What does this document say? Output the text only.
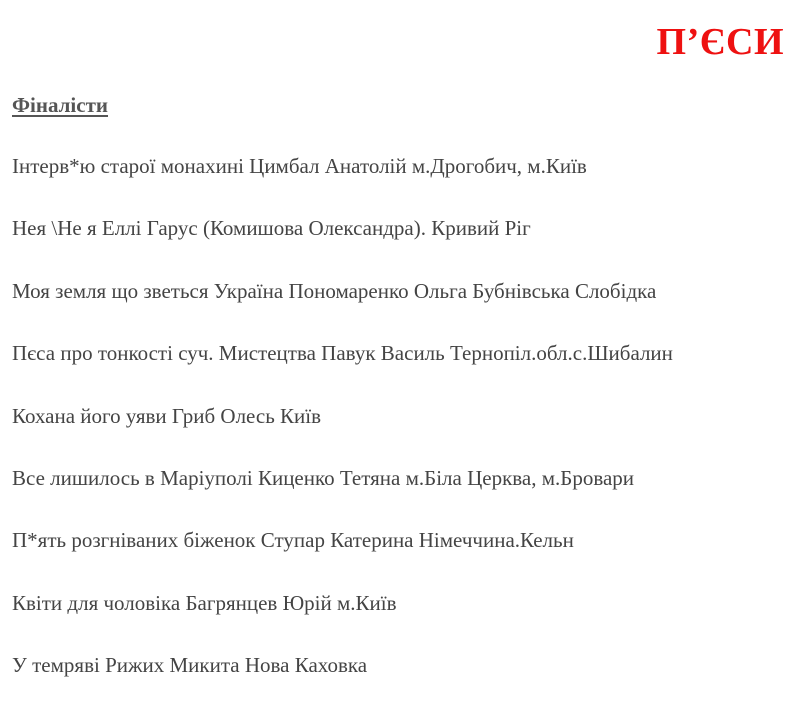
П’ЄСИ
Фіналісти
Інтерв*ю старої монахині Цимбал Анатолій м.Дрогобич, м.Київ
Нея \Не я Еллі Гарус (Комишова Олександра). Кривий Ріг
Моя земля що зветься Україна Пономаренко Ольга Бубнівська Слобідка
Пєса про тонкості суч. Мистецтва Павук Василь Тернопіл.обл.с.Шибалин
Кохана його уяви Гриб Олесь Київ
Все лишилось в Маріуполі Киценко Тетяна м.Біла Церква, м.Бровари
П*ять розгніваних біженок Ступар Катерина Німеччина.Кельн
Квіти для чоловіка Багрянцев Юрій м.Київ
У темряві Рижих Микита Нова Каховка
